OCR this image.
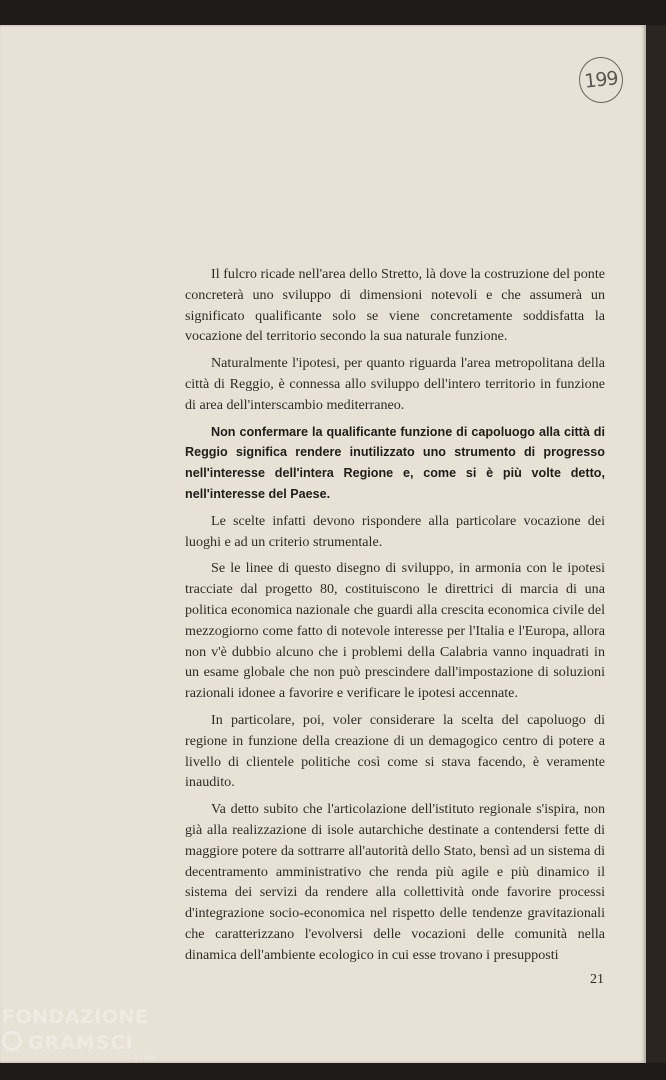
199

Il fulcro ricade nell'area dello Stretto, là dove la costruzione del ponte concreterà uno sviluppo di dimensioni notevoli e che assumerà un significato qualificante solo se viene concretamente soddisfatta la vocazione del territorio secondo la sua naturale funzione.

Naturalmente l'ipotesi, per quanto riguarda l'area metropolitana della città di Reggio, è connessa allo sviluppo dell'intero territorio in funzione di area dell'interscambio mediterraneo.

Non confermare la qualificante funzione di capoluogo alla città di Reggio significa rendere inutilizzato uno strumento di progresso nell'interesse dell'intera Regione e, come si è più volte detto, nell'interesse del Paese.

Le scelte infatti devono rispondere alla particolare vocazione dei luoghi e ad un criterio strumentale.

Se le linee di questo disegno di sviluppo, in armonia con le ipotesi tracciate dal progetto 80, costituiscono le direttrici di marcia di una politica economica nazionale che guardi alla crescita economica civile del mezzogiorno come fatto di notevole interesse per l'Italia e l'Europa, allora non v'è dubbio alcuno che i problemi della Calabria vanno inquadrati in un esame globale che non può prescindere dall'impostazione di soluzioni razionali idonee a favorire e verificare le ipotesi accennate.

In particolare, poi, voler considerare la scelta del capoluogo di regione in funzione della creazione di un demagogico centro di potere a livello di clientele politiche così come si stava facendo, è veramente inaudito.

Va detto subito che l'articolazione dell'istituto regionale s'ispira, non già alla realizzazione di isole autarchiche destinate a contendersi fette di maggiore potere da sottrarre all'autorità dello Stato, bensì ad un sistema di decentramento amministrativo che renda più agile e più dinamico il sistema dei servizi da rendere alla collettività onde favorire processi d'integrazione socio-economica nel rispetto delle tendenze gravitazionali che caratterizzano l'evolversi delle vocazioni delle comunità nella dinamica dell'ambiente ecologico in cui esse trovano i presupposti

21
FONDAZIONE
GRAMSCI
onlus
